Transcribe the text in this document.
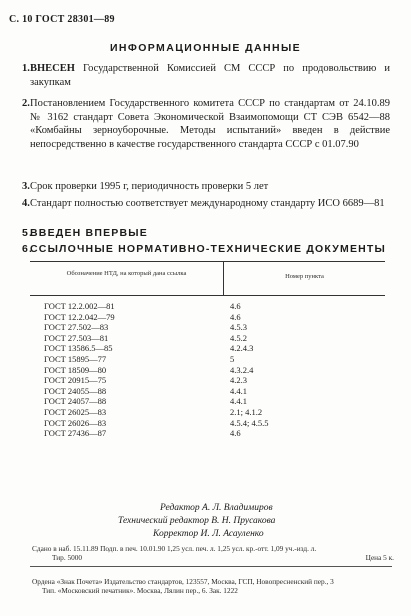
С. 10 ГОСТ 28301—89
ИНФОРМАЦИОННЫЕ ДАННЫЕ
1. ВНЕСЕН Государственной Комиссией СМ СССР по продовольствию и закупкам
2. Постановлением Государственного комитета СССР по стандартам от 24.10.89 № 3162 стандарт Совета Экономической Взаимопомощи СТ СЭВ 6542—88 «Комбайны зерноуборочные. Методы испытаний» введен в действие непосредственно в качестве государственного стандарта СССР с 01.07.90
3. Срок проверки 1995 г, периодичность проверки 5 лет
4. Стандарт полностью соответствует международному стандарту ИСО 6689—81
5.
ВВЕДЕН ВПЕРВЫЕ
6.
ССЫЛОЧНЫЕ НОРМАТИВНО-ТЕХНИЧЕСКИЕ ДОКУМЕНТЫ
Обозначение НТД, на который дана ссылка	Номер пункта
ГОСТ 12.2.002—81	4.6
ГОСТ 12.2.042—79	4.6
ГОСТ 27.502—83	4.5.3
ГОСТ 27.503—81	4.5.2
ГОСТ 13586.5—85	4.2.4.3
ГОСТ 15895—77	5
ГОСТ 18509—80	4.3.2.4
ГОСТ 20915—75	4.2.3
ГОСТ 24055—88	4.4.1
ГОСТ 24057—88	4.4.1
ГОСТ 26025—83	2.1; 4.1.2
ГОСТ 26026—83	4.5.4; 4.5.5
ГОСТ 27436—87	4.6
Редактор А. Л. Владимиров
Технический редактор В. Н. Прусакова
Корректор И. Л. Асауленко
Сдано в наб. 15.11.89 Подп. в печ. 10.01.90 1,25 усл. печ. л. 1,25 усл. кр.-отт. 1,09 уч.-изд. л.
Тир. 5000	Цена 5 к.
Ордена «Знак Почета» Издательство стандартов, 123557, Москва, ГСП, Новопресненский пер., 3
Тип. «Московский печатник». Москва, Лялин пер., 6. Зак. 1222
